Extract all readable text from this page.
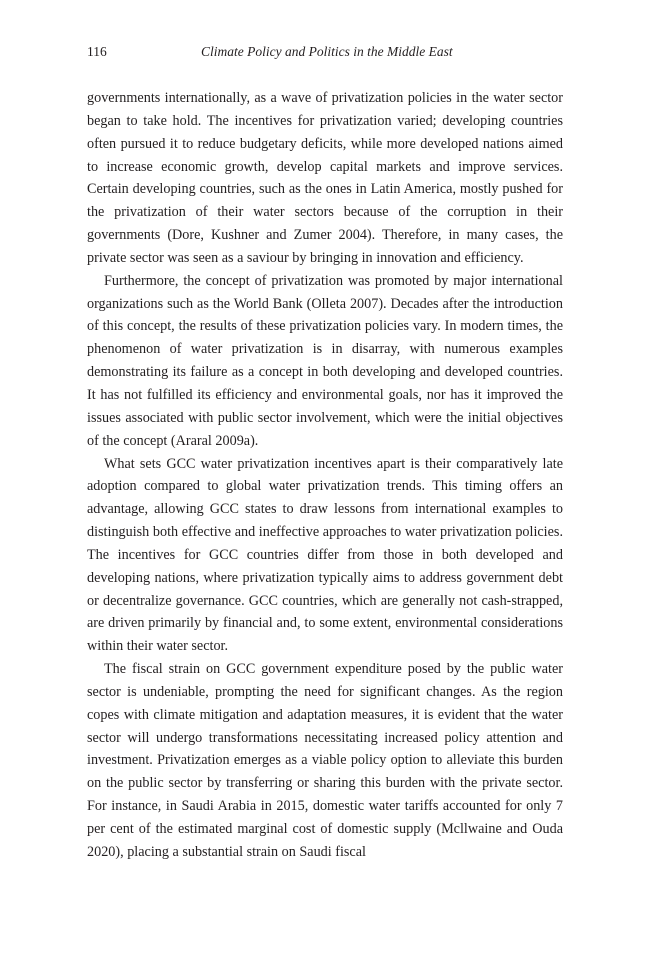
116	Climate Policy and Politics in the Middle East

governments internationally, as a wave of privatization policies in the water sector began to take hold. The incentives for privatization varied; developing countries often pursued it to reduce budgetary deficits, while more developed nations aimed to increase economic growth, develop capital markets and improve services. Certain developing countries, such as the ones in Latin America, mostly pushed for the privatization of their water sectors because of the corruption in their governments (Dore, Kushner and Zumer 2004). Therefore, in many cases, the private sector was seen as a saviour by bringing in innovation and efficiency.

Furthermore, the concept of privatization was promoted by major international organizations such as the World Bank (Olleta 2007). Decades after the introduction of this concept, the results of these privatization policies vary. In modern times, the phenomenon of water privatization is in disarray, with numerous examples demonstrating its failure as a concept in both developing and developed countries. It has not fulfilled its efficiency and environmental goals, nor has it improved the issues associated with public sector involvement, which were the initial objectives of the concept (Araral 2009a).

What sets GCC water privatization incentives apart is their comparatively late adoption compared to global water privatization trends. This timing offers an advantage, allowing GCC states to draw lessons from international examples to distinguish both effective and ineffective approaches to water privatization policies. The incentives for GCC countries differ from those in both developed and developing nations, where privatization typically aims to address government debt or decentralize governance. GCC countries, which are generally not cash-strapped, are driven primarily by financial and, to some extent, environmental considerations within their water sector.

The fiscal strain on GCC government expenditure posed by the public water sector is undeniable, prompting the need for significant changes. As the region copes with climate mitigation and adaptation measures, it is evident that the water sector will undergo transformations necessitating increased policy attention and investment. Privatization emerges as a viable policy option to alleviate this burden on the public sector by transferring or sharing this burden with the private sector. For instance, in Saudi Arabia in 2015, domestic water tariffs accounted for only 7 per cent of the estimated marginal cost of domestic supply (Mcllwaine and Ouda 2020), placing a substantial strain on Saudi fiscal
